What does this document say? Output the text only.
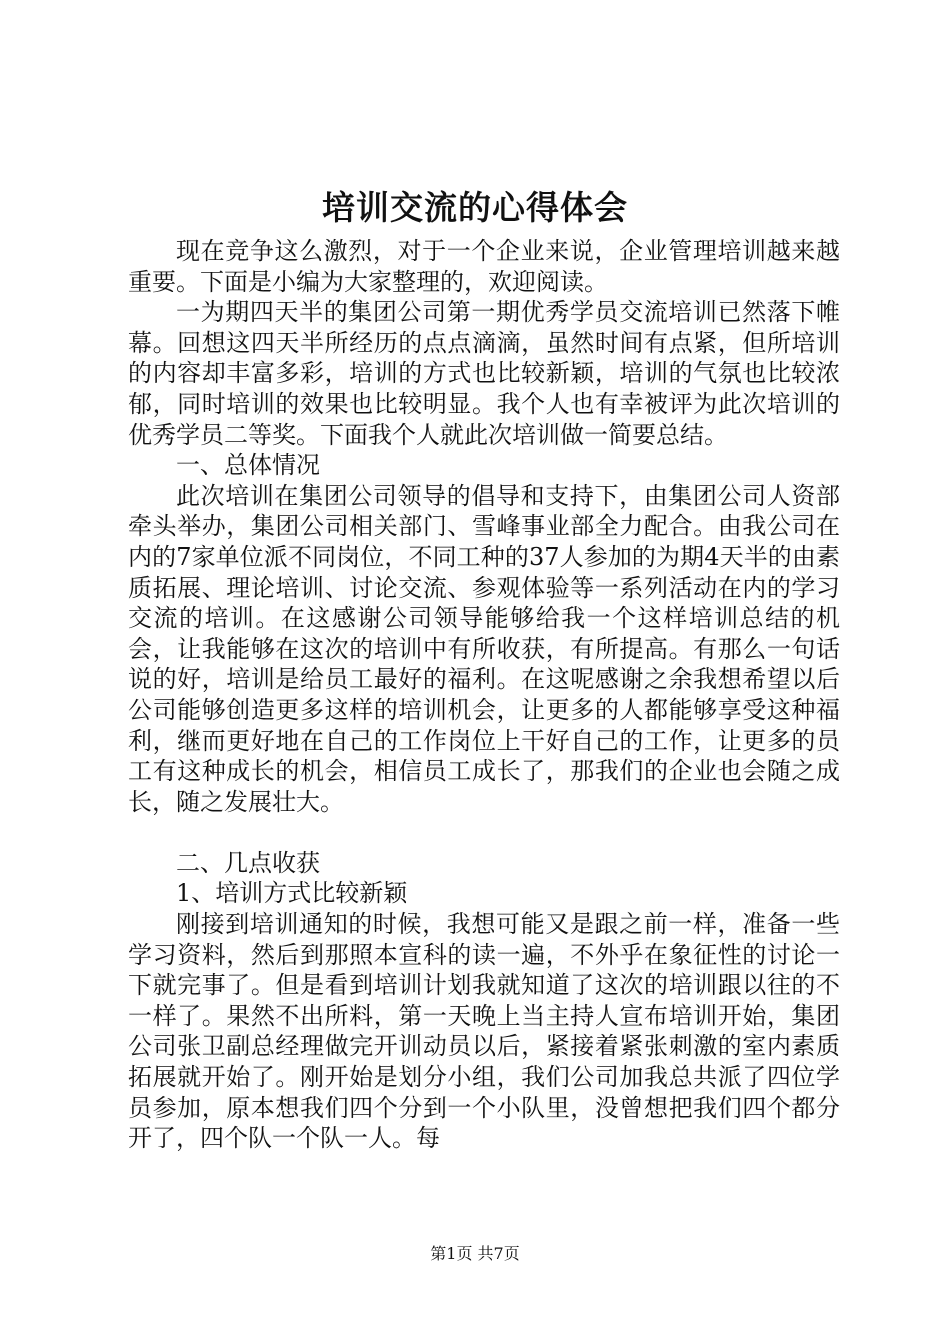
培训交流的心得体会

现在竞争这么激烈，对于一个企业来说，企业管理培训越来越重要。下面是小编为大家整理的，欢迎阅读。

一为期四天半的集团公司第一期优秀学员交流培训已然落下帷幕。回想这四天半所经历的点点滴滴，虽然时间有点紧，但所培训的内容却丰富多彩，培训的方式也比较新颖，培训的气氛也比较浓郁，同时培训的效果也比较明显。我个人也有幸被评为此次培训的优秀学员二等奖。下面我个人就此次培训做一简要总结。

一、总体情况

此次培训在集团公司领导的倡导和支持下，由集团公司人资部牵头举办，集团公司相关部门、雪峰事业部全力配合。由我公司在内的7家单位派不同岗位，不同工种的37人参加的为期4天半的由素质拓展、理论培训、讨论交流、参观体验等一系列活动在内的学习交流的培训。在这感谢公司领导能够给我一个这样培训总结的机会，让我能够在这次的培训中有所收获，有所提高。有那么一句话说的好，培训是给员工最好的福利。在这呢感谢之余我想希望以后公司能够创造更多这样的培训机会，让更多的人都能够享受这种福利，继而更好地在自己的工作岗位上干好自己的工作，让更多的员工有这种成长的机会，相信员工成长了，那我们的企业也会随之成长，随之发展壮大。

二、几点收获

1、培训方式比较新颖

刚接到培训通知的时候，我想可能又是跟之前一样，准备一些学习资料，然后到那照本宣科的读一遍，不外乎在象征性的讨论一下就完事了。但是看到培训计划我就知道了这次的培训跟以往的不一样了。果然不出所料，第一天晚上当主持人宣布培训开始，集团公司张卫副总经理做完开训动员以后，紧接着紧张刺激的室内素质拓展就开始了。刚开始是划分小组，我们公司加我总共派了四位学员参加，原本想我们四个分到一个小队里，没曾想把我们四个都分开了，四个队一个队一人。每

第1页 共7页
